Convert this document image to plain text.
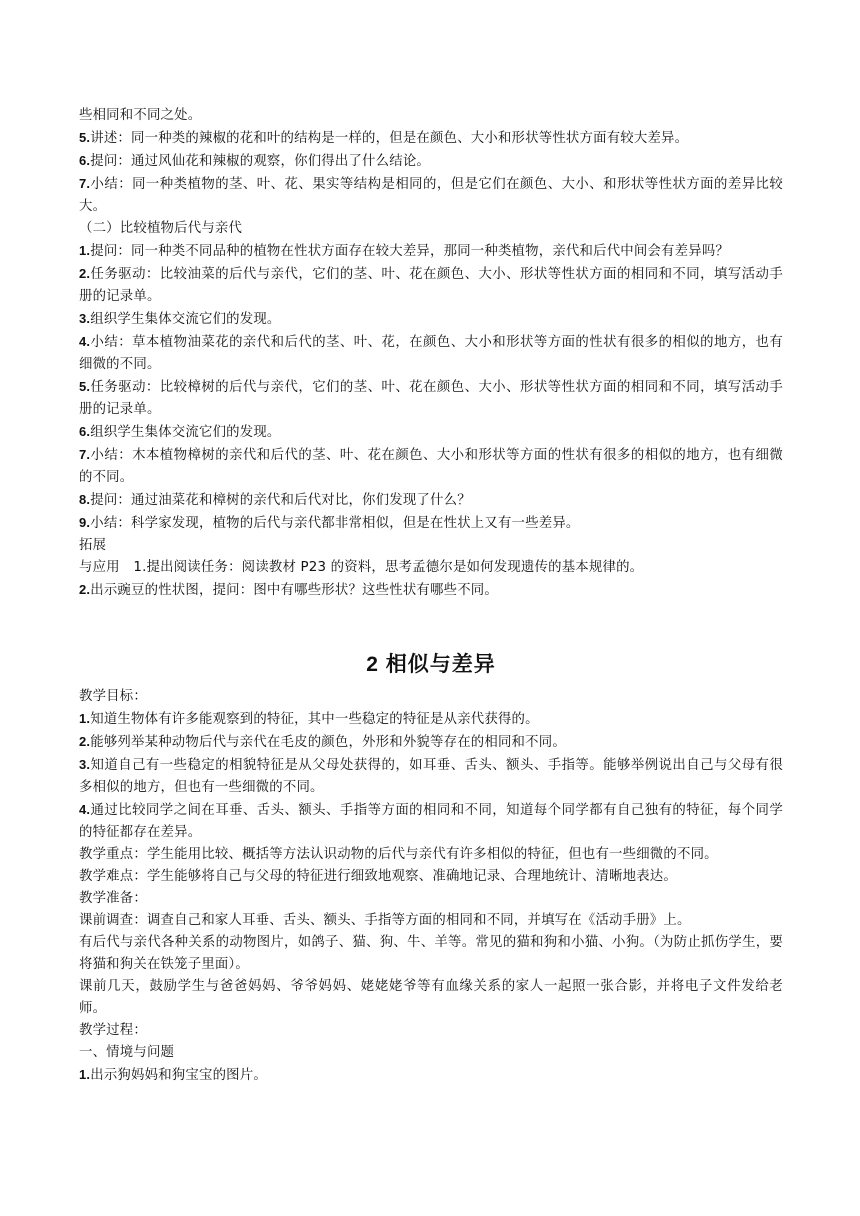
些相同和不同之处。

5.讲述：同一种类的辣椒的花和叶的结构是一样的，但是在颜色、大小和形状等性状方面有较大差异。

6.提问：通过风仙花和辣椒的观察，你们得出了什么结论。

7.小结：同一种类植物的茎、叶、花、果实等结构是相同的，但是它们在颜色、大小、和形状等性状方面的差异比较大。

（二）比较植物后代与亲代

1.提问：同一种类不同品种的植物在性状方面存在较大差异，那同一种类植物，亲代和后代中间会有差异吗？

2.任务驱动：比较油菜的后代与亲代，它们的茎、叶、花在颜色、大小、形状等性状方面的相同和不同，填写活动手册的记录单。

3.组织学生集体交流它们的发现。

4.小结：草本植物油菜花的亲代和后代的茎、叶、花，在颜色、大小和形状等方面的性状有很多的相似的地方，也有细微的不同。

5.任务驱动：比较樟树的后代与亲代，它们的茎、叶、花在颜色、大小、形状等性状方面的相同和不同，填写活动手册的记录单。

6.组织学生集体交流它们的发现。

7.小结：木本植物樟树的亲代和后代的茎、叶、花在颜色、大小和形状等方面的性状有很多的相似的地方，也有细微的不同。

8.提问：通过油菜花和樟树的亲代和后代对比，你们发现了什么？

9.小结：科学家发现，植物的后代与亲代都非常相似，但是在性状上又有一些差异。

拓展

与应用　1.提出阅读任务：阅读教材 P23 的资料，思考孟德尔是如何发现遗传的基本规律的。

2.出示豌豆的性状图，提问：图中有哪些形状？这些性状有哪些不同。

2 相似与差异

教学目标：

1.知道生物体有许多能观察到的特征，其中一些稳定的特征是从亲代获得的。

2.能够列举某种动物后代与亲代在毛皮的颜色，外形和外貌等存在的相同和不同。

3.知道自己有一些稳定的相貌特征是从父母处获得的，如耳垂、舌头、额头、手指等。能够举例说出自己与父母有很多相似的地方，但也有一些细微的不同。

4.通过比较同学之间在耳垂、舌头、额头、手指等方面的相同和不同，知道每个同学都有自己独有的特征，每个同学的特征都存在差异。

教学重点：学生能用比较、概括等方法认识动物的后代与亲代有许多相似的特征，但也有一些细微的不同。

教学难点：学生能够将自己与父母的特征进行细致地观察、准确地记录、合理地统计、清晰地表达。

教学准备：

课前调查：调查自己和家人耳垂、舌头、额头、手指等方面的相同和不同，并填写在《活动手册》上。

有后代与亲代各种关系的动物图片，如鸽子、猫、狗、牛、羊等。常见的猫和狗和小猫、小狗。（为防止抓伤学生，要将猫和狗关在铁笼子里面）。

课前几天，鼓励学生与爸爸妈妈、爷爷妈妈、姥姥姥爷等有血缘关系的家人一起照一张合影，并将电子文件发给老师。

教学过程：

一、情境与问题

1.出示狗妈妈和狗宝宝的图片。
